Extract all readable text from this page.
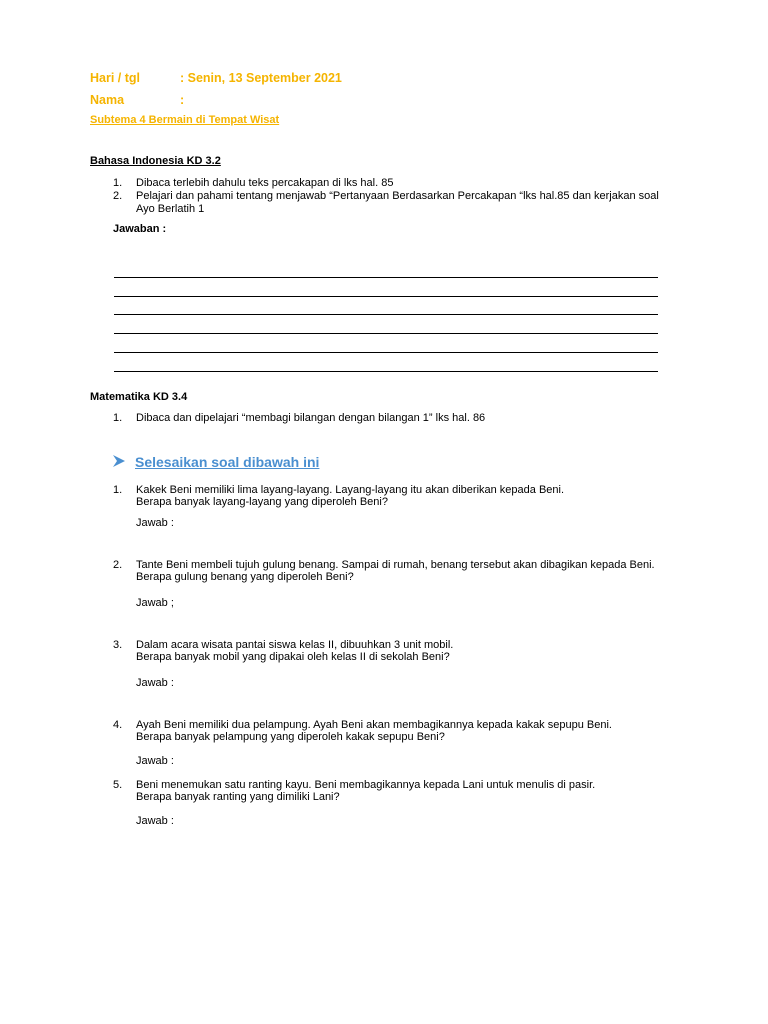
Hari / tgl	: Senin, 13 September 2021
Nama	:
Subtema 4 Bermain di Tempat Wisat
Bahasa Indonesia KD 3.2
1. Dibaca terlebih dahulu teks percakapan di lks hal. 85
2. Pelajari dan pahami tentang menjawab “Pertanyaan Berdasarkan Percakapan “lks hal.85 dan kerjakan soal
Ayo Berlatih 1
Jawaban :
Matematika KD 3.4
1. Dibaca dan dipelajari “membagi bilangan dengan bilangan 1” lks hal. 86
Selesaikan soal dibawah ini
1. Kakek Beni memiliki lima layang-layang. Layang-layang itu akan diberikan kepada Beni.
Berapa banyak layang-layang yang diperoleh Beni?
Jawab :
2. Tante Beni membeli tujuh gulung benang. Sampai di rumah, benang tersebut akan dibagikan kepada Beni.
Berapa gulung benang yang diperoleh Beni?
Jawab ;
3. Dalam acara wisata pantai siswa kelas II, dibuuhkan 3 unit mobil.
Berapa banyak mobil yang dipakai oleh kelas II di sekolah Beni?
Jawab :
4. Ayah Beni memiliki dua pelampung. Ayah Beni akan membagikannya kepada kakak sepupu Beni.
Berapa banyak pelampung yang diperoleh kakak sepupu Beni?
Jawab :
5. Beni menemukan satu ranting kayu. Beni membagikannya kepada Lani untuk menulis di pasir.
Berapa banyak ranting yang dimiliki Lani?
Jawab :
